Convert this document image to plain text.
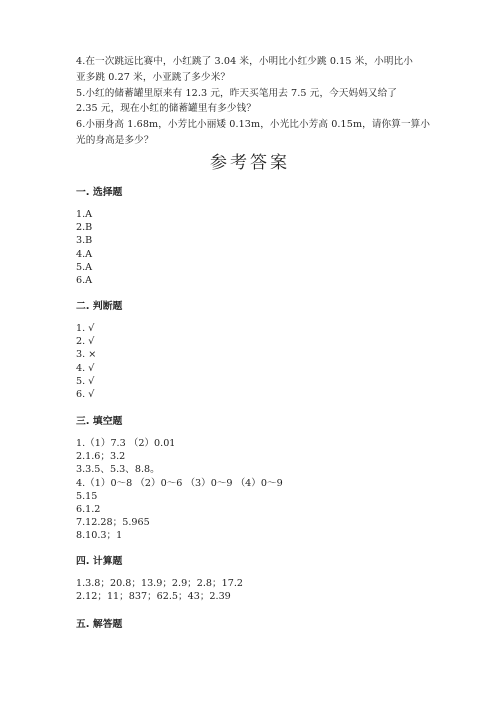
4.在一次跳远比赛中，小红跳了 3.04 米，小明比小红少跳 0.15 米，小明比小
亚多跳 0.27 米，小亚跳了多少米？
5.小红的储蓄罐里原来有 12.3 元，昨天买笔用去 7.5 元，今天妈妈又给了
2.35 元，现在小红的储蓄罐里有多少钱？
6.小丽身高 1.68m，小芳比小丽矮 0.13m，小光比小芳高 0.15m，请你算一算小
光的身高是多少？
参考答案
一. 选择题
1.A
2.B
3.B
4.A
5.A
6.A
二. 判断题
1. √
2. √
3. ×
4. √
5. √
6. √
三. 填空题
1.（1）7.3 （2）0.01
2.1.6；3.2
3.3.5、5.3、8.8。
4.（1）0～8 （2）0～6 （3）0～9 （4）0～9
5.15
6.1.2
7.12.28；5.965
8.10.3；1
四. 计算题
1.3.8；20.8；13.9；2.9；2.8；17.2
2.12；11；837；62.5；43；2.39
五. 解答题
